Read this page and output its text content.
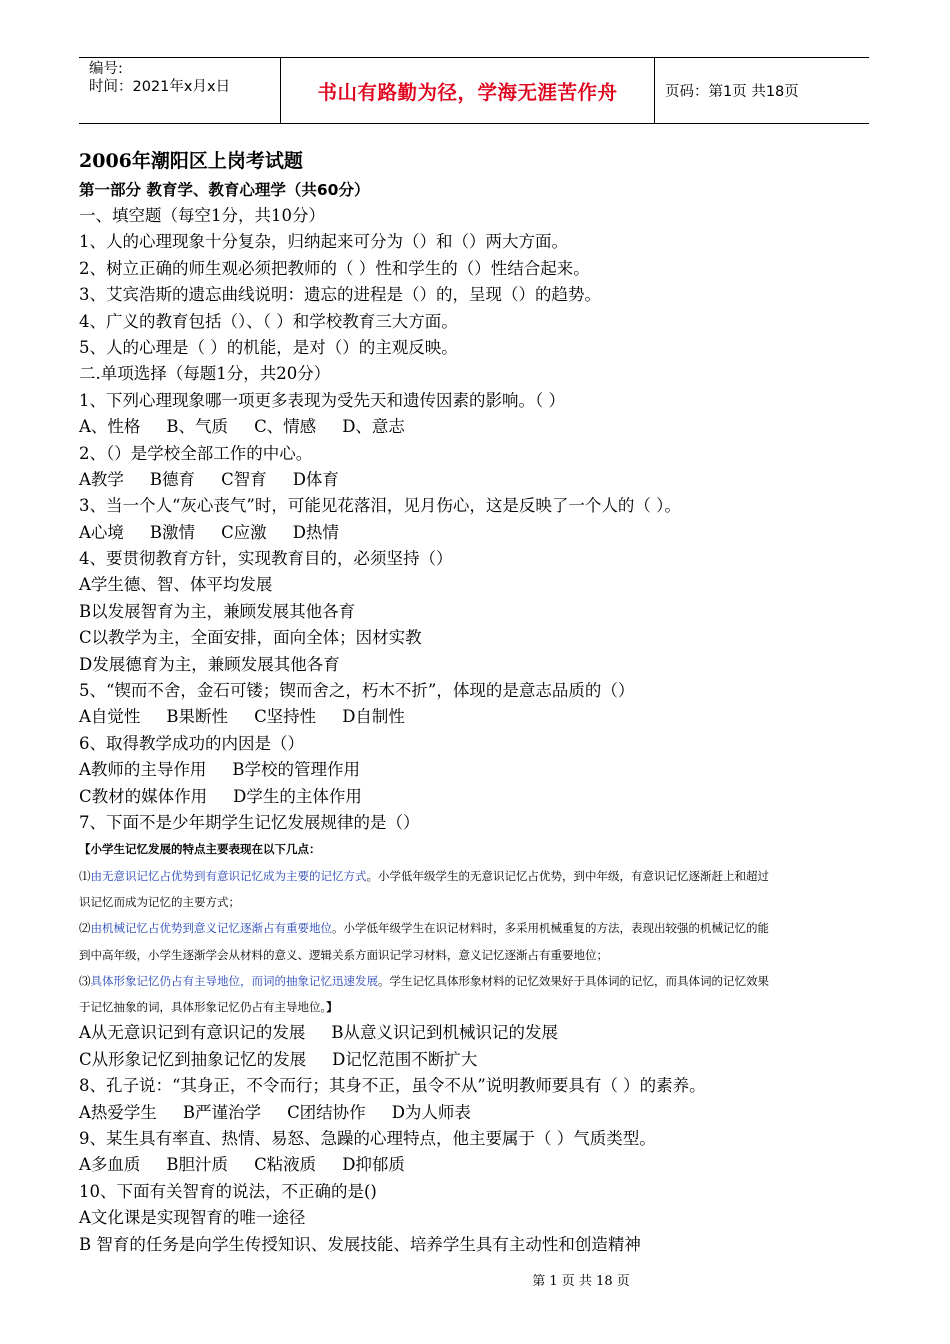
编号:
时间：2021年x月x日	书山有路勤为径，学海无涯苦作舟	页码：第1页 共18页
2006年潮阳区上岗考试题
第一部分 教育学、教育心理学（共60分）
一、填空题（每空1分，共10分）
1、人的心理现象十分复杂，归纳起来可分为（）和（）两大方面。
2、树立正确的师生观必须把教师的（ ）性和学生的（）性结合起来。
3、艾宾浩斯的遗忘曲线说明：遗忘的进程是（）的，呈现（）的趋势。
4、广义的教育包括（）、（ ）和学校教育三大方面。
5、人的心理是（ ）的机能，是对（）的主观反映。
二.单项选择（每题1分，共20分）
1、下列心理现象哪一项更多表现为受先天和遗传因素的影响。（ ）
A、性格 B、气质 C、情感 D、意志
2、（）是学校全部工作的中心。
A教学 B德育 C智育 D体育
3、当一个人“灰心丧气”时，可能见花落泪，见月伤心，这是反映了一个人的（ ）。
A心境 B激情 C应激 D热情
4、要贯彻教育方针，实现教育目的，必须坚持（）
A学生德、智、体平均发展
B以发展智育为主，兼顾发展其他各育
C以教学为主，全面安排，面向全体；因材实教
D发展德育为主，兼顾发展其他各育
5、“锲而不舍，金石可镂；锲而舍之，朽木不折”，体现的是意志品质的（）
A自觉性 B果断性 C坚持性 D自制性
6、取得教学成功的内因是（）
A教师的主导作用 B学校的管理作用
C教材的媒体作用 D学生的主体作用
7、下面不是少年期学生记忆发展规律的是（）
【小学生记忆发展的特点主要表现在以下几点：
⑴由无意识记忆占优势到有意识记忆成为主要的记忆方式。小学低年级学生的无意识记忆占优势，到中年级，有意识记忆逐渐赶上和超过
识记忆而成为记忆的主要方式；
⑵由机械记忆占优势到意义记忆逐渐占有重要地位。小学低年级学生在识记材料时，多采用机械重复的方法，表现出较强的机械记忆的能
到中高年级，小学生逐渐学会从材料的意义、逻辑关系方面识记学习材料，意义记忆逐渐占有重要地位；
⑶具体形象记忆仍占有主导地位，而词的抽象记忆迅速发展。学生记忆具体形象材料的记忆效果好于具体词的记忆，而具体词的记忆效果
于记忆抽象的词，具体形象记忆仍占有主导地位。】
A从无意识记到有意识记的发展 B从意义识记到机械识记的发展
C从形象记忆到抽象记忆的发展 D记忆范围不断扩大
8、孔子说：“其身正，不令而行；其身不正，虽令不从”说明教师要具有（ ）的素养。
A热爱学生 B严谨治学 C团结协作 D为人师表
9、某生具有率直、热情、易怒、急躁的心理特点，他主要属于（ ）气质类型。
A多血质 B胆汁质 C粘液质 D抑郁质
10、下面有关智育的说法，不正确的是()
A文化课是实现智育的唯一途径
B 智育的任务是向学生传授知识、发展技能、培养学生具有主动性和创造精神
第 1 页 共 18 页
